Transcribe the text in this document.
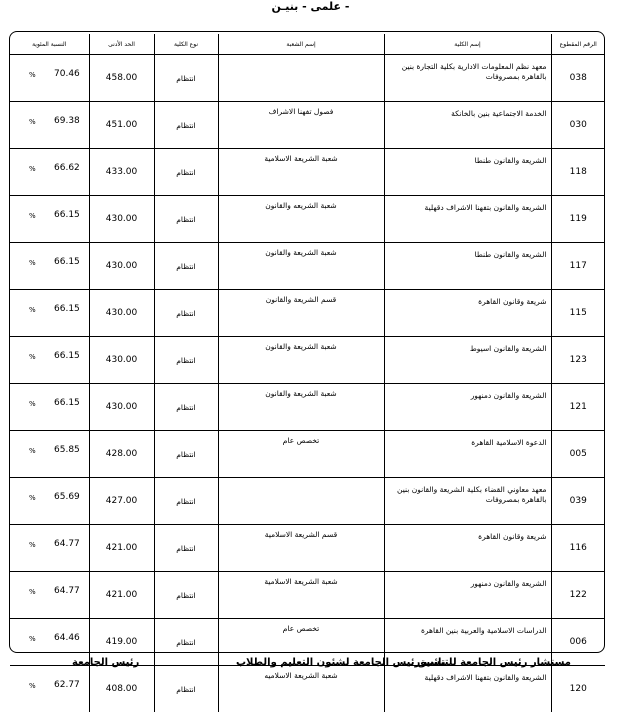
- علمى - بنيـن
الرقم المقطوع	إسم الكلية	إسم الشعبة	نوع الكلية	الحد الأدنى	النسبة المئوية
038	معهد نظم المعلومات الادارية بكلية التجارة بنين بالقاهرة بمصروفات		انتظام	458.00	% 70.46

030	الخدمة الاجتماعية بنين بالخانكة	فصول تفهنا الاشراف	انتظام	451.00	% 69.38

118	الشريعة والقانون طنطا	شعبة الشريعة الاسلامية	انتظام	433.00	% 66.62

119	الشريعة والقانون بتفهنا الاشراف دقهلية	شعبة الشريعه والقانون	انتظام	430.00	% 66.15

117	الشريعة والقانون طنطا	شعبة الشريعة والقانون	انتظام	430.00	% 66.15

115	شريعة وقانون القاهرة	قسم الشريعة والقانون	انتظام	430.00	% 66.15

123	الشريعة والقانون اسيوط	شعبة الشريعة والقانون	انتظام	430.00	% 66.15

121	الشريعة والقانون دمنهور	شعبة الشريعة والقانون	انتظام	430.00	% 66.15

005	الدعوة الاسلامية القاهرة	تخصص عام	انتظام	428.00	% 65.85

039	معهد معاوني القضاء بكلية الشريعة والقانون بنين بالقاهرة بمصروفات		انتظام	427.00	% 65.69

116	شريعة وقانون القاهرة	قسم الشريعة الاسلامية	انتظام	421.00	% 64.77

122	الشريعة والقانون دمنهور	شعبة الشريعة الاسلامية	انتظام	421.00	% 64.77

006	الدراسات الاسلامية والعربية بنين القاهرة	تخصص عام	انتظام	419.00	% 64.46

120	الشريعة والقانون بتفهنا الاشراف دقهلية	شعبة الشريعة الاسلاميه	انتظام	408.00	% 62.77
مستشار رئيس الجامعة للتنسيق
نائب رئيس الجامعة لشئون التعليم والطلاب
رئيس الجامعة
